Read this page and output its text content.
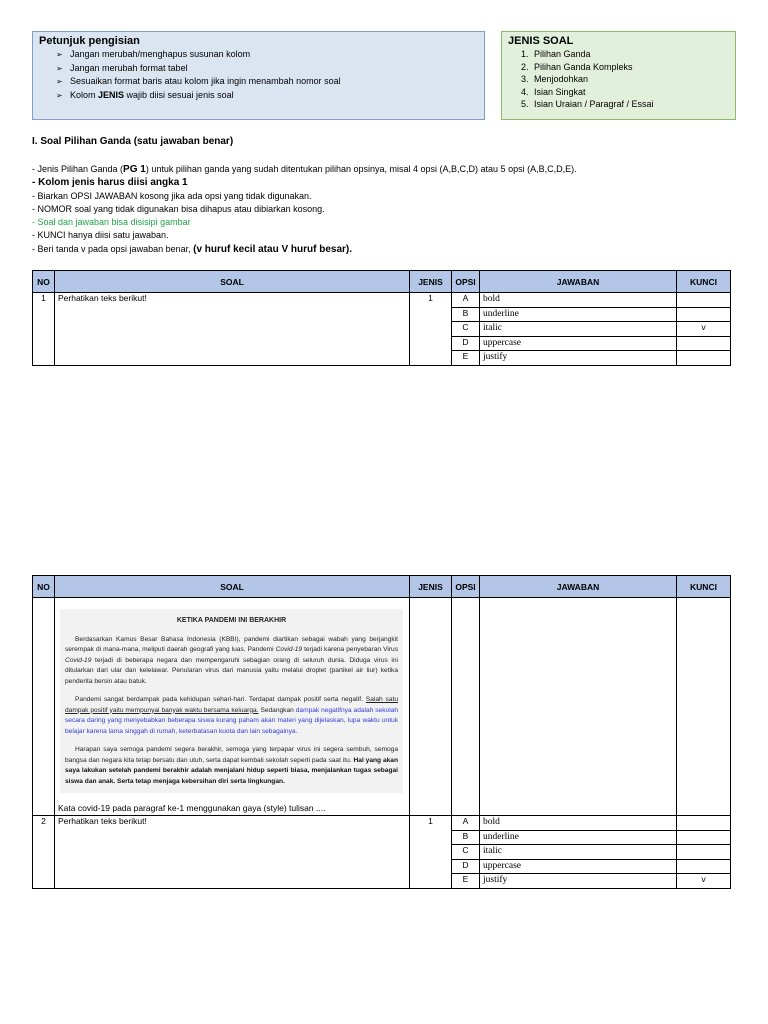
Petunjuk pengisian
➢ Jangan merubah/menghapus susunan kolom
➢ Jangan merubah format tabel
➢ Sesuaikan format baris atau kolom jika ingin menambah nomor soal
➢ Kolom JENIS wajib diisi sesuai jenis soal
JENIS SOAL
1. Pilihan Ganda
2. Pilihan Ganda Kompleks
3. Menjodohkan
4. Isian Singkat
5. Isian Uraian / Paragraf / Essai
I. Soal Pilihan Ganda (satu jawaban benar)
- Jenis Pilihan Ganda (PG 1) untuk pilihan ganda yang sudah ditentukan pilihan opsinya, misal 4 opsi (A,B,C,D) atau 5 opsi (A,B,C,D,E).
- Kolom jenis harus diisi angka 1
- Biarkan OPSI JAWABAN kosong jika ada opsi yang tidak digunakan.
- NOMOR soal yang tidak digunakan bisa dihapus atau dibiarkan kosong.
- Soal dan jawaban bisa disisipi gambar
- KUNCI hanya diisi satu jawaban.
- Beri tanda v pada opsi jawaban benar, (v huruf kecil atau V huruf besar).
NO	SOAL	JENIS	OPSI	JAWABAN	KUNCI
1	Perhatikan teks berikut!	1	A	bold	
			B	underline	
			C	italic	v
			D	uppercase	
			E	justify	
NO	SOAL	JENIS	OPSI	JAWABAN	KUNCI

	KETIKA PANDEMI INI BERAKHIR

Berdasarkan Kamus Besar Bahasa Indonesia (KBBI), pandemi diartikan sebagai wabah yang berjangkit serempak di mana-mana, meliputi daerah geografi yang luas. Pandemi Covid-19 terjadi karena penyebaran Virus Covid-19 terjadi di beberapa negara dan mempengaruhi sebagian orang di seluruh dunia. Diduga virus ini ditularkan dari ular dan kelelawar. Penularan virus dari manusia yaitu melalui droplet (partikel air liur) ketika penderita bersin atau batuk.

Pandemi sangat berdampak pada kehidupan sehari-hari. Terdapat dampak positif serta negatif. Salah satu dampak positif yaitu mempunyai banyak waktu bersama keluarga. Sedangkan dampak negatifnya adalah sekolah secara daring yang menyebabkan beberapa siswa kurang paham akan materi yang dijelaskan, lupa waktu untuk belajar karena lama singgah di rumah, keterbatasan kuota dan lain sebagainya.

Harapan saya semoga pandemi segera berakhir, semoga yang terpapar virus ini segera sembuh, semoga bangsa dan negara kita tetap bersatu dan utuh, serta dapat kembali sekolah seperti pada saat itu. Hal yang akan saya lakukan setelah pandemi berakhir adalah menjalani hidup seperti biasa, menjalankan tugas sebagai siswa dan anak. Serta tetap menjaga kebersihan diri serta lingkungan.

Kata covid-19 pada paragraf ke-1 menggunakan gaya (style) tulisan ....				

2	Perhatikan teks berikut!	1	A	bold	
			B	underline	
			C	italic	
			D	uppercase	
			E	justify	v
